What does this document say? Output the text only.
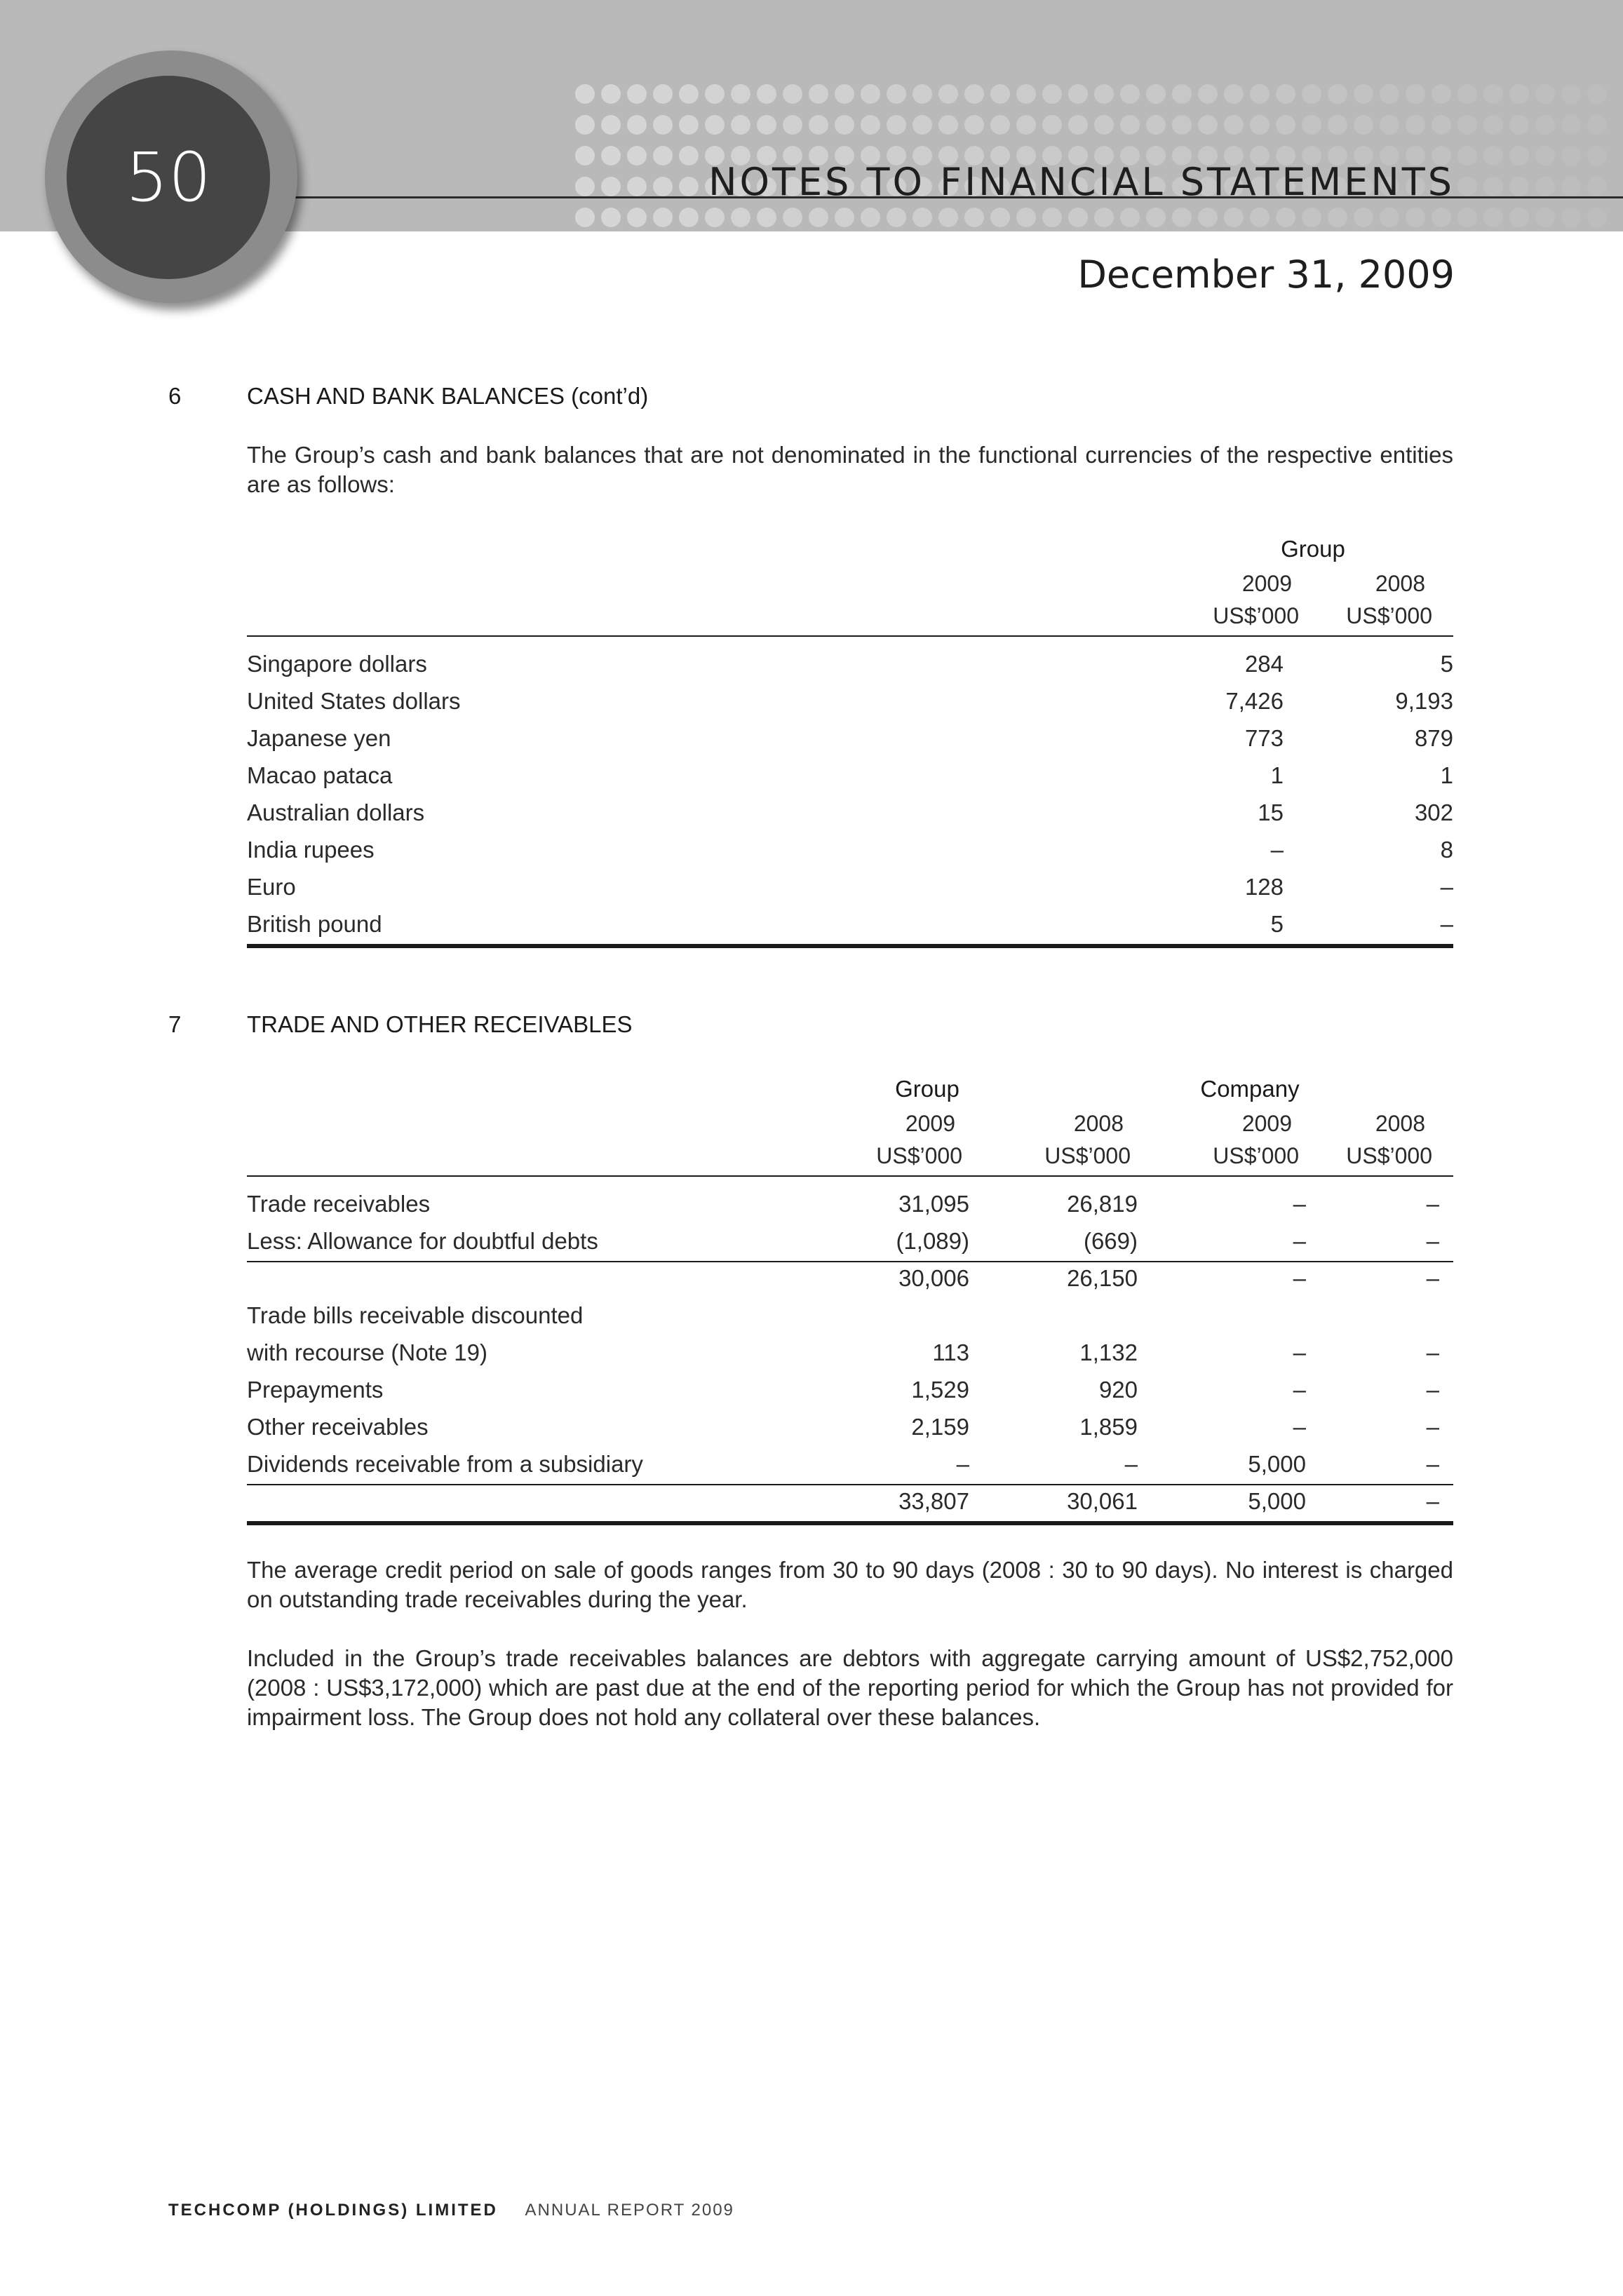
50	NOTES TO FINANCIAL STATEMENTS
December 31, 2009
6	CASH AND BANK BALANCES (cont’d)
The Group’s cash and bank balances that are not denominated in the functional currencies of the respective entities are as follows:
Group
2009	2008
US$’000	US$’000
Singapore dollars	284	5
United States dollars	7,426	9,193
Japanese yen	773	879
Macao pataca	1	1
Australian dollars	15	302
India rupees	–	8
Euro	128	–
British pound	5	–
7	TRADE AND OTHER RECEIVABLES
Group	Company
2009	2008	2009	2008
US$’000	US$’000	US$’000	US$’000
Trade receivables	31,095	26,819	–	–
Less: Allowance for doubtful debts	(1,089)	(669)	–	–
30,006	26,150	–	–
Trade bills receivable discounted
with recourse (Note 19)	113	1,132	–	–
Prepayments	1,529	920	–	–
Other receivables	2,159	1,859	–	–
Dividends receivable from a subsidiary	–	–	5,000	–
33,807	30,061	5,000	–
The average credit period on sale of goods ranges from 30 to 90 days (2008 : 30 to 90 days). No interest is charged on outstanding trade receivables during the year.
Included in the Group’s trade receivables balances are debtors with aggregate carrying amount of US$2,752,000 (2008 : US$3,172,000) which are past due at the end of the reporting period for which the Group has not provided for impairment loss. The Group does not hold any collateral over these balances.
TECHCOMP (HOLDINGS) LIMITED ANNUAL REPORT 2009
